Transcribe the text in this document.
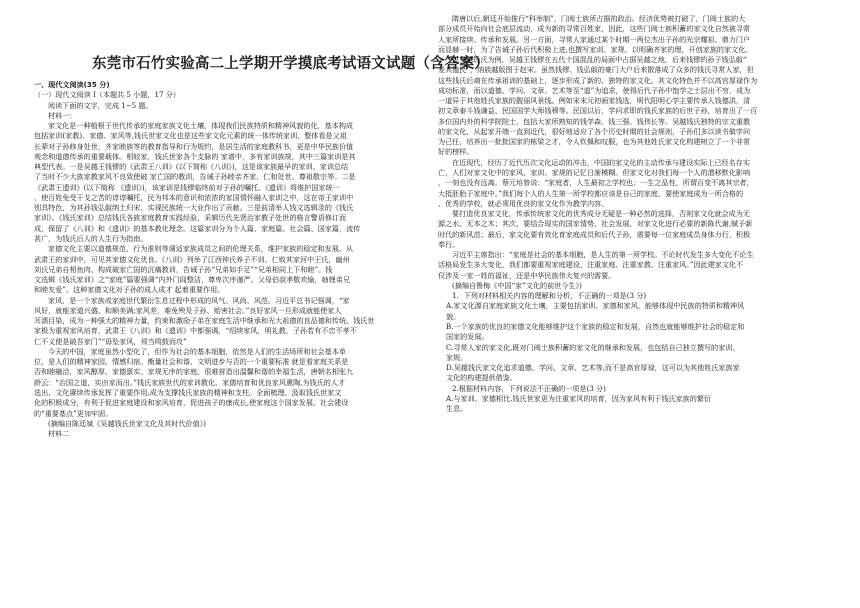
东莞市石竹实验高二上学期开学摸底考试语文试题（含答案）
一、现代文阅读(35 分)
（一）现代文阅读 I（本题共 5 小题，17 分）
阅读下面的文字，完成 1~5 题。
材料一：
家文化是一种植根于世代传承的家庭家族文化土壤，体现我们民族特质和精神风貌的化，基本构成
包括家训(家教)、家德、家风等,钱氏世家文化也是这些家文化元素的统一体传统家训，整体看是父祖
长辈对子孙修身处世，齐家睦族等的教育指导和行为规约，是居生活的家庭教科书，更是中华民族价值
观念和道德传承的重要载体。相较家，钱氏世家各个支脉的 家谱中，多有家训族规，其中三篇家训是其
典型代表。一是吴越王钱镠的《武肃王八训》(以下简称《八训》)，这是该家族最早的家训。家训总结
了当时不少大族家教家风不良致使破 家亡国的教训，告诫子孙睦亲齐家、仁和处世、尊祖敬宗等。二是
《武肃王遗训》(以下简称 《遗训》)，该家训是钱镠临终前对子孙的嘱托。《遗训》将维护国家统一
、使百姓免受干戈之苦的谆谆嘱托，民为邦本的意识和浓浓的家国情怀融入家训之中，这在帝王家训中
别具特色，为其孙钱弘俶纳土归宋、实现民族统一大业作出了贡献。三是前清举人钱文选辑录的《钱氏
家训》。《钱氏家训》总结钱氏各族家庭教育实践经验，采辑历代先贤治家教子处世的格言警语修订而
成，保留了《八训》和《遗训》的基本教化理念。这篇家训分为个人篇、家庭篇、社会篇、国家篇，流传
甚广，为钱氏后人的人生行为指南。
家德文化主要以道德规范、行为准则等调适家族成员之间的伦理关系，维护家族的稳定和发展。从
武肃王的家训中，可见其家德文化优良。《八训》列举了江西钟氏养子不训、仁败其家河中王氏，幽州
刘氏兄弟自相鱼肉、构成破家亡国的沉痛教训，告诫子孙“兄弟如手足”“兄弟相同上下和睦”。钱
文选辑《钱氏家训》之“家庭”篇要强调“内外门闾整洁，尊卑次序谨严。父母伯叔孝敬欢愉，妯娌弟兄
和睦友爱”。这种家德文化对子孙的成人成才 起着重要作用。
家风，是一个家族或家庭世代繁衍生息过程中形成的风气、风尚、风范。习近平总书记强调，“家
风好，就能家道兴盛、和顺美满;家风差，难免殃及子孙、贻害社会。”良好家风一旦形成就能使家人
耳濡目染，成为一种强大的精神力量，约束和激励子弟在家庭生活中继承和光大祖德的良品德和传统。钱氏世
家极为重视家风培育，武肃王《八训》和《遗训》中都强调，“绍续家风，明礼教，子孙若有不忠不孝不
仁不义便是破吾家门”“毋坠家风，须当鸣鼓而攻”
今天的中国，家庭虽然小型化了，但作为社会的基本细胞，依然是人们的生活场所和社会基本单
位，是人们的精神家园、情感归宿。衡量社会和谐、文明进步与否的一个重要标准 就是看家庭关系是
否和睦融洽，家风醇厚、家德禀实、家规无序的家庭，很难营造出温馨和谐的幸福生活，唐朝名相张九
龄云：“治国之道，实由家而出。”钱氏家族世代的家训教化、家德培育和优良家风熏陶,为钱氏的人才
选出、文化赓续传承发挥了重要作用,成为支撑钱氏家族的精神和支柱。全面梳理、汲取钱氏世家文
化的积极成分，有利于促进家庭建设和家风培育，促进孩子的康成长,使家庭这个国家发展、社会建设
的“重要基点”更加牢固。
(摘编自陈廷斌《吴越钱氏世家文化及其时代价值》)
材料二
隋唐以后,朝廷开始推行“科举制”，门阀士族所占据的政治、经济优势被打破了，门阀士族的大
部分成员开始向社会底层流动，成为新的寻常百姓家，因此，这些门阀士族积蓄的家文化自然被寻常
人家所接续、传承和发展。另一方面，寻常人家通过某个时期一两位杰出子孙的光宗耀祖、鼎力门户
而显赫一时，为了告诫子孙后代积极上进,也撰写家训、家规，以明确齐家的理，开创家族的家文化。
以吴越钱氏为例，吴越王钱镠在五代十国混乱的局面中占据吴越之地，后来钱镠的孙子钱弘俶“
爱兵恤民”，纳族越版图于赵宋。虽然钱镠、钱弘俶的豪门大户后来散落成了众多的钱氏寻常人家，但
这些钱氏后裔在传承祖训的基础上，逐步形成了新的、独特的家文化。其文化特色并不以高官厚禄作为
成功标准，而以道德、学问、文章、艺术等至“道”为追求，使得后代子孙中饱学之士层出不穷，成为
一道异于其他姓氏家族的靓丽风景线。例如宋末元初画家钱选，明代阳明心学主要传承人钱德洪，清
初文章泰斗钱谦益、民国国学大师钱穆等。民国以后，学问求即的钱氏家族的后世子孙，培育出了一百
多位国内外的科学院院士，包括大家所熟知的钱学森、钱三强、钱伟长等。吴越钱氏独特的宗文重教
的家文化，从起家开端一直到近代，很好地适应了各个历史时期的社会规则，子孙们多以读书做学问
为己任，培养出一批批国家的栋梁之才，令人钦佩和叹服，也为其他姓氏家文化构建树立了一个非常
好的榜样。
在近现代，经历了近代历次文化运动的冲击，中国的家文化的主动传承与建设实际上已经名存实
亡，人们对家文化中的家风、家训、家规的记忆日渐模糊。但家文化对我们每一个人的潜移默化影响
，一刻也没有远离。蔡元培曾说：“家庭者，人生最初之学校也；一生之品性，所谓百变不离其宗者，
大抵胚胎于家庭中。”我们每个人的人生第一所学校都应该是自己的家庭，要使家庭成为一所合格的
、优秀的学校，就必须用优良的家文化作为教学内容。
要打造优良家文化，传承传统家文化的优秀成分无疑是一种必然的选择，否则家文化就会成为无
源之水、无本之木；其次，要结合现实的国家情势、社会发展，对家文化进行必要的新陈代谢,赋予新
时代的新风范；最后，家文化要有效化育家庭成员和后代子孙，需要每一位家庭成员身体力行，积极
奉行。
习近平主席指出：“家庭是社会的基本细胞，是人生的第一所学校。不论时代发生多大变化不论生
活格局发生多大变化，我们都要重视家庭建设，注重家庭、注重家教、注重家风。”因此建家文化不
仅涉及一家一姓的福祉，还是中华民族伟大复兴的需要。
(摘编自鲁梅《中国“家”文化的前世今生》)
1．下列对材料相关内容的理解和分析，不正确的一项是(3 分)
A.家文化源自家庭家族文化土壤，主要包括家训、家德和家风，能够体现中民族的特质和精神风
貌。
B.一个家族的优良的家德文化能够维护这个家族的稳定和发展，自然也就能够维护社会的稳定和
国家的发展。
C.寻常人家的家文化,既对门阀士族积蓄的家文化的继承和发展，也包括自己独立撰写的家训、
家规。
D.吴越钱氏家文化追求道德、学问、文章、艺术等,而不是高官厚禄，这可以为其他姓氏家族家
文化的构建提供借鉴。
2.根据材料内容，下列说法不正确的一项是(3 分)
A.与家训、家德相比,钱氏世家更为注重家风的培育，因为家风有利于钱氏家族的繁衍
生息。
